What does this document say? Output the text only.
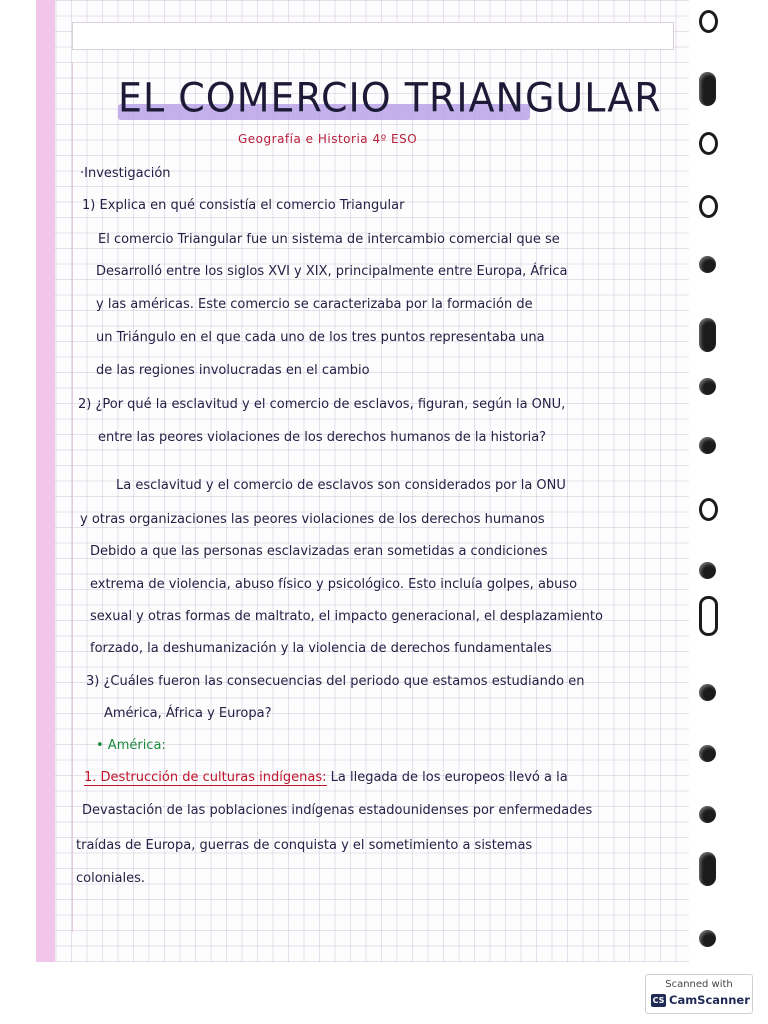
EL COMERCIO TRIANGULAR
Geografía e Historia 4º ESO
·Investigación
1) Explica en qué consistía el comercio Triangular
El comercio Triangular fue un sistema de intercambio comercial que se
Desarrolló entre los siglos XVI y XIX, principalmente entre Europa, África
y las américas. Este comercio se caracterizaba por la formación de
un Triángulo en el que cada uno de los tres puntos representaba una
de las regiones involucradas en el cambio
2) ¿Por qué la esclavitud y el comercio de esclavos, figuran, según la ONU,
entre las peores violaciones de los derechos humanos de la historia?
La esclavitud y el comercio de esclavos son considerados por la ONU
y otras organizaciones las peores violaciones de los derechos humanos
Debido a que las personas esclavizadas eran sometidas a condiciones
extrema de violencia, abuso físico y psicológico. Esto incluía golpes, abuso
sexual y otras formas de maltrato, el impacto generacional, el desplazamiento
forzado, la deshumanización y la violencia de derechos fundamentales
3) ¿Cuáles fueron las consecuencias del periodo que estamos estudiando en
América, África y Europa?
• América:
1. Destrucción de culturas indígenas: La llegada de los europeos llevó a la
Devastación de las poblaciones indígenas estadounidenses por enfermedades
traídas de Europa, guerras de conquista y el sometimiento a sistemas
coloniales.
Scanned with
CS CamScanner
